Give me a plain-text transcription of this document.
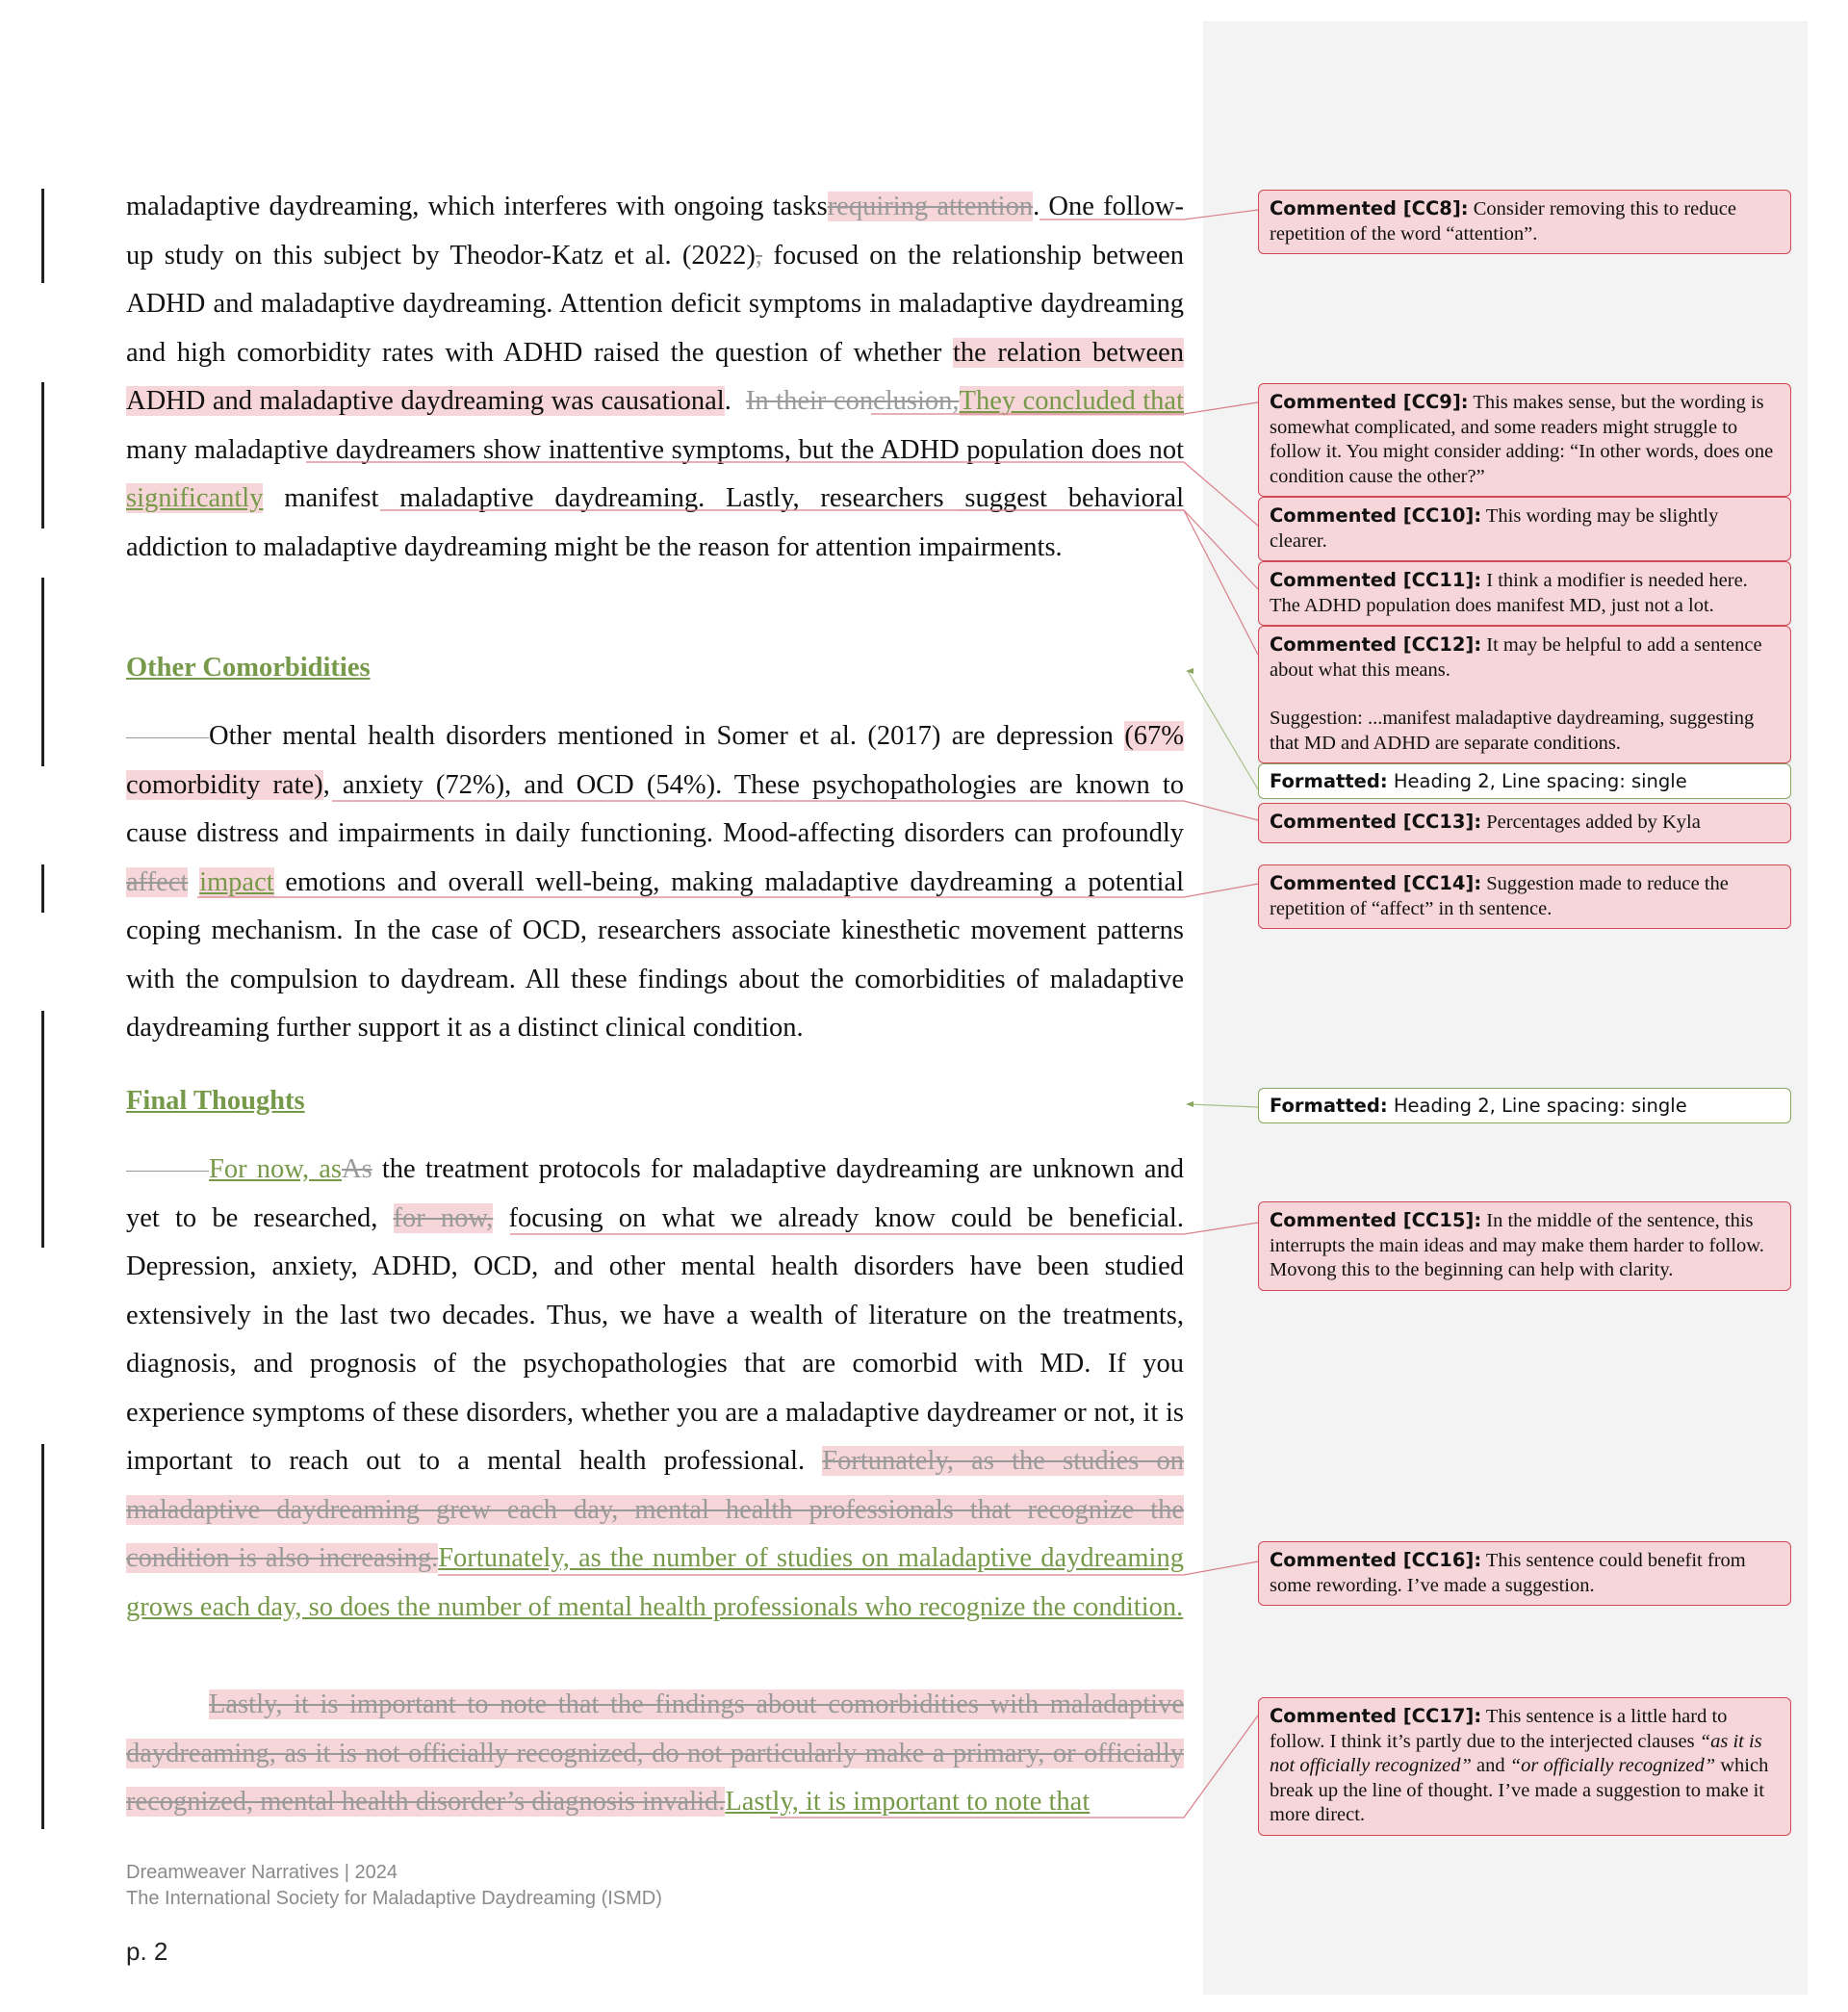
maladaptive daydreaming, which interferes with ongoing tasksrequiring attention. One follow-up study on this subject by Theodor-Katz et al. (2022), focused on the relationship between ADHD and maladaptive daydreaming. Attention deficit symptoms in maladaptive daydreaming and high comorbidity rates with ADHD raised the question of whether the relation between ADHD and maladaptive daydreaming was causational. In their conclusion,They concluded that many maladaptive daydreamers show inattentive symptoms, but the ADHD population does not significantly manifest maladaptive daydreaming. Lastly, researchers suggest behavioral addiction to maladaptive daydreaming might be the reason for attention impairments.

Other Comorbidities

Other mental health disorders mentioned in Somer et al. (2017) are depression (67% comorbidity rate), anxiety (72%), and OCD (54%). These psychopathologies are known to cause distress and impairments in daily functioning. Mood-affecting disorders can profoundly affect impact emotions and overall well-being, making maladaptive daydreaming a potential coping mechanism. In the case of OCD, researchers associate kinesthetic movement patterns with the compulsion to daydream. All these findings about the comorbidities of maladaptive daydreaming further support it as a distinct clinical condition.

Final Thoughts

For now, asAs the treatment protocols for maladaptive daydreaming are unknown and yet to be researched, for now, focusing on what we already know could be beneficial. Depression, anxiety, ADHD, OCD, and other mental health disorders have been studied extensively in the last two decades. Thus, we have a wealth of literature on the treatments, diagnosis, and prognosis of the psychopathologies that are comorbid with MD. If you experience symptoms of these disorders, whether you are a maladaptive daydreamer or not, it is important to reach out to a mental health professional. Fortunately, as the studies on maladaptive daydreaming grew each day, mental health professionals that recognize the condition is also increasing.Fortunately, as the number of studies on maladaptive daydreaming grows each day, so does the number of mental health professionals who recognize the condition.

Lastly, it is important to note that the findings about comorbidities with maladaptive daydreaming, as it is not officially recognized, do not particularly make a primary, or officially recognized, mental health disorder’s diagnosis invalid.Lastly, it is important to note that

Commented [CC8]: Consider removing this to reduce repetition of the word “attention”.
Commented [CC9]: This makes sense, but the wording is somewhat complicated, and some readers might struggle to follow it. You might consider adding: “In other words, does one condition cause the other?”
Commented [CC10]: This wording may be slightly clearer.
Commented [CC11]: I think a modifier is needed here. The ADHD population does manifest MD, just not a lot.
Commented [CC12]: It may be helpful to add a sentence about what this means.
Suggestion: ...manifest maladaptive daydreaming, suggesting that MD and ADHD are separate conditions.
Formatted: Heading 2, Line spacing: single
Commented [CC13]: Percentages added by Kyla
Commented [CC14]: Suggestion made to reduce the repetition of “affect” in th sentence.
Formatted: Heading 2, Line spacing: single
Commented [CC15]: In the middle of the sentence, this interrupts the main ideas and may make them harder to follow. Movong this to the beginning can help with clarity.
Commented [CC16]: This sentence could benefit from some rewording. I’ve made a suggestion.
Commented [CC17]: This sentence is a little hard to follow. I think it’s partly due to the interjected clauses “as it is not officially recognized” and “or officially recognized” which break up the line of thought. I’ve made a suggestion to make it more direct.
Dreamweaver Narratives | 2024
The International Society for Maladaptive Daydreaming (ISMD)
p. 2
